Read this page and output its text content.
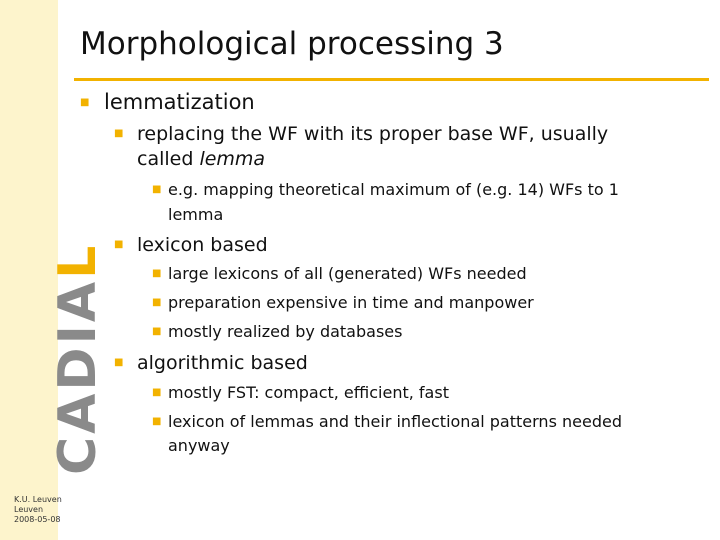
CADIAL
K.U. Leuven
Leuven
2008-05-08
Morphological processing 3
■ lemmatization
■ replacing the WF with its proper base WF, usually
called lemma
■ e.g. mapping theoretical maximum of (e.g. 14) WFs to 1
lemma
■ lexicon based
■ large lexicons of all (generated) WFs needed
■ preparation expensive in time and manpower
■ mostly realized by databases
■ algorithmic based
■ mostly FST: compact, efficient, fast
■ lexicon of lemmas and their inflectional patterns needed
anyway
